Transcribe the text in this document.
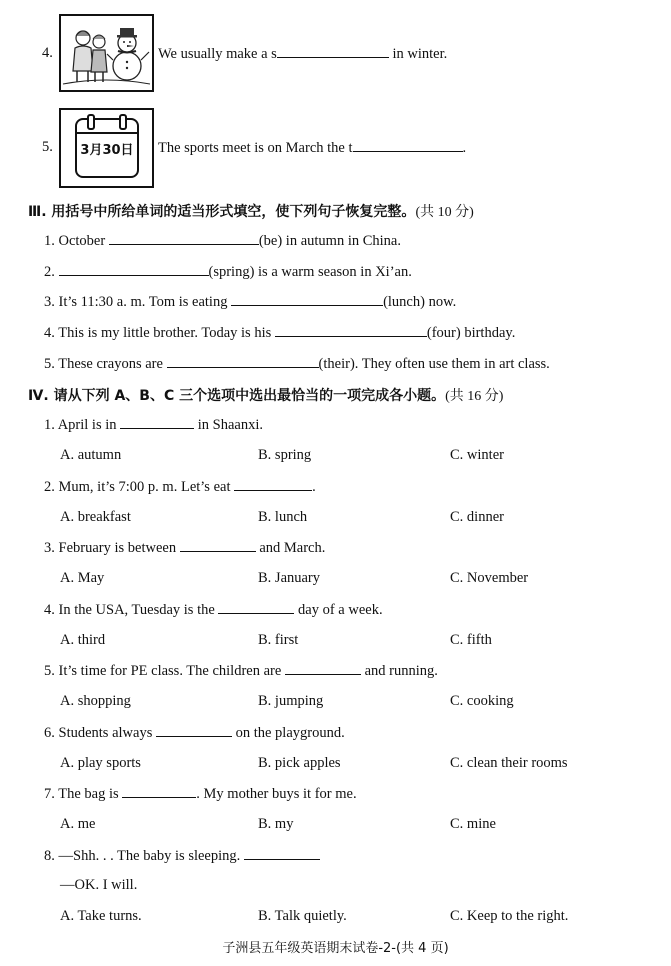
4.	We usually make a s	in winter.
5. 3月30日 The sports meet is on March the t	.
Ⅲ. 用括号中所给单词的适当形式填空，使下列句子恢复完整。(共 10 分)
1. October	(be) in autumn in China.
2.	(spring) is a warm season in Xi’an.
3. It’s 11:30 a. m. Tom is eating	(lunch) now.
4. This is my little brother. Today is his	(four) birthday.
5. These crayons are	(their). They often use them in art class.
Ⅳ. 请从下列 A、B、C 三个选项中选出最恰当的一项完成各小题。(共 16 分)
1. April is in	in Shaanxi.
A. autumn	B. spring	C. winter
2. Mum, it’s 7:00 p. m. Let’s eat	.
A. breakfast	B. lunch	C. dinner
3. February is between	and March.
A. May	B. January	C. November
4. In the USA, Tuesday is the	day of a week.
A. third	B. first	C. fifth
5. It’s time for PE class. The children are	and running.
A. shopping	B. jumping	C. cooking
6. Students always	on the playground.
A. play sports	B. pick apples	C. clean their rooms
7. The bag is	. My mother buys it for me.
A. me	B. my	C. mine
8. —Shh. . . The baby is sleeping.
—OK. I will.
A. Take turns.	B. Talk quietly.	C. Keep to the right.
子洲县五年级英语期末试卷-2-(共 4 页)
